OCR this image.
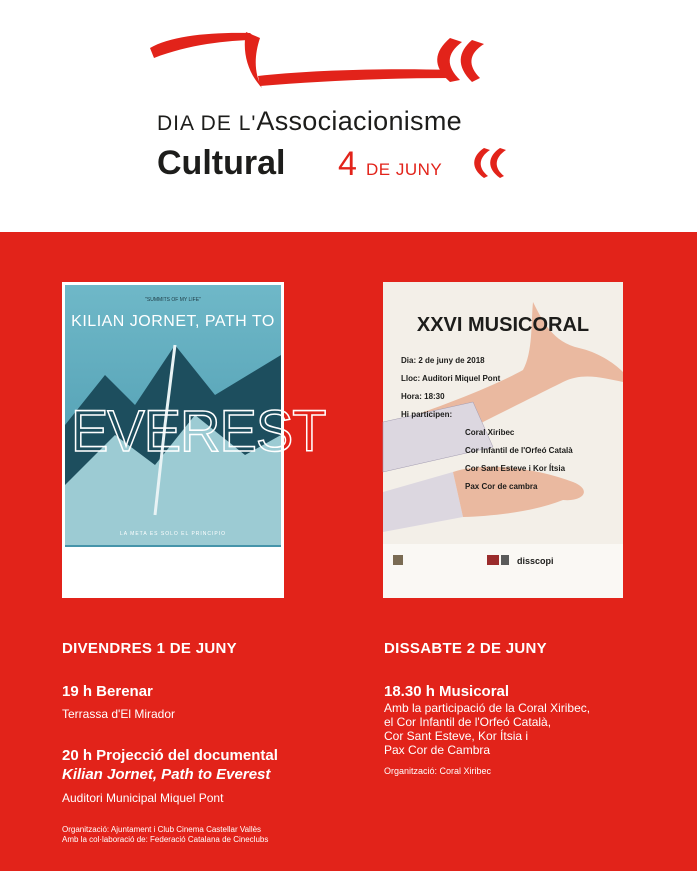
DIA DE L'Associacionisme
Cultural 4 DE JUNY
"SUMMITS OF MY LIFE"
KILIAN JORNET, PATH TO
EVEREST
LA META ES SOLO EL PRINCIPIO
XXVI MUSICORAL
Dia: 2 de juny de 2018
Lloc: Auditori Miquel Pont
Hora: 18:30
Hi participen:
Coral Xiribec
Cor Infantil de l'Orfeó Català
Cor Sant Esteve i Kor Ítsia
Pax Cor de cambra
disscopi
DIVENDRES 1 DE JUNY
19 h Berenar
Terrassa d'El Mirador
20 h Projecció del documental
Kilian Jornet, Path to Everest
Auditori Municipal Miquel Pont
Organització: Ajuntament i Club Cinema Castellar Vallès
Amb la col·laboració de: Federació Catalana de Cineclubs
DISSABTE 2 DE JUNY
18.30 h Musicoral
Amb la participació de la Coral Xiribec,
el Cor Infantil de l'Orfeó Català,
Cor Sant Esteve, Kor Ítsia i
Pax Cor de Cambra
Organització: Coral Xiribec
